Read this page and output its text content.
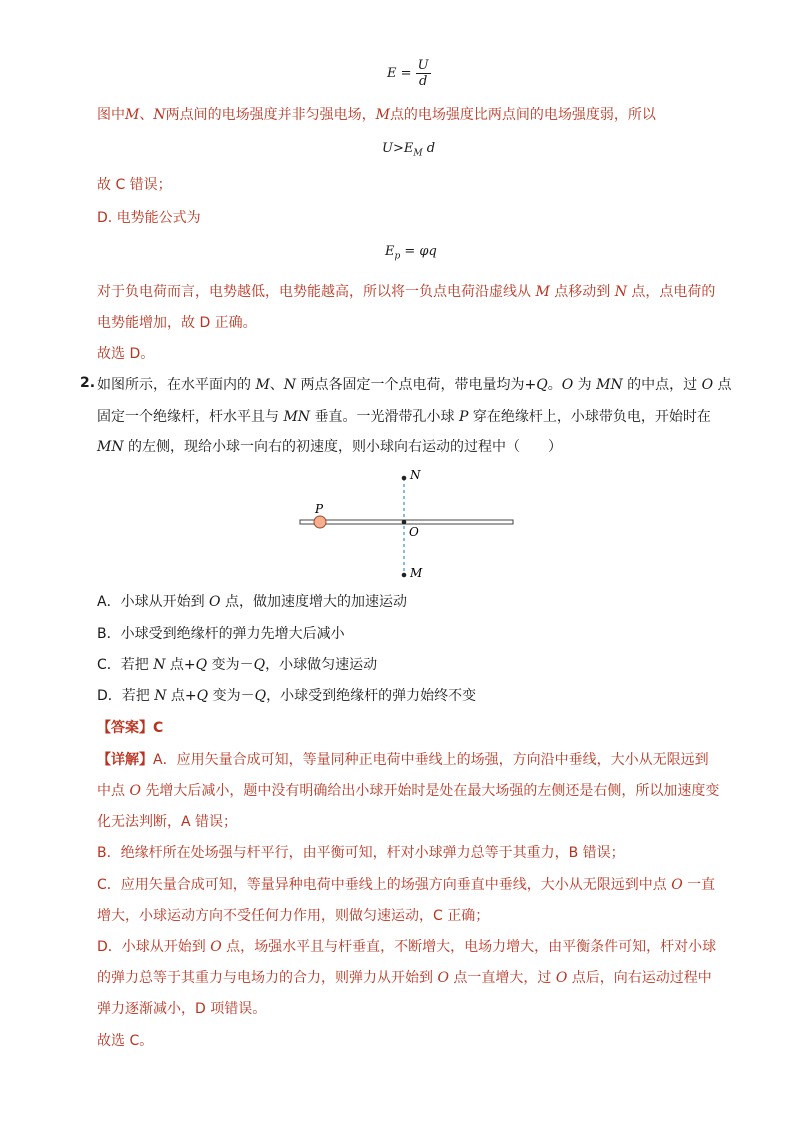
$E = \frac{U}{d}$
图中M、N两点间的电场强度并非匀强电场，M点的电场强度比两点间的电场强度弱，所以
$U>E_M$ d
故 C 错误；
D. 电势能公式为
$E_p = \varphi q$
对于负电荷而言，电势越低，电势能越高，所以将一负点电荷沿虚线从 M 点移动到 N 点，点电荷的
电势能增加，故 D 正确。
故选 D。
2. 如图所示，在水平面内的 M、N 两点各固定一个点电荷，带电量均为+Q。O 为 MN 的中点，过 O 点
固定一个绝缘杆，杆水平且与 MN 垂直。一光滑带孔小球 P 穿在绝缘杆上，小球带负电，开始时在
MN 的左侧，现给小球一向右的初速度，则小球向右运动的过程中（　　）
N
O
M
P
A．小球从开始到 O 点，做加速度增大的加速运动
B．小球受到绝缘杆的弹力先增大后减小
C．若把 N 点+Q 变为－Q，小球做匀速运动
D．若把 N 点+Q 变为－Q，小球受到绝缘杆的弹力始终不变
【答案】C
【详解】A．应用矢量合成可知，等量同种正电荷中垂线上的场强，方向沿中垂线，大小从无限远到
中点 O 先增大后减小，题中没有明确给出小球开始时是处在最大场强的左侧还是右侧，所以加速度变
化无法判断，A 错误；
B．绝缘杆所在处场强与杆平行，由平衡可知，杆对小球弹力总等于其重力，B 错误；
C．应用矢量合成可知，等量异种电荷中垂线上的场强方向垂直中垂线，大小从无限远到中点 O 一直
增大，小球运动方向不受任何力作用，则做匀速运动，C 正确；
D．小球从开始到 O 点，场强水平且与杆垂直，不断增大，电场力增大，由平衡条件可知，杆对小球
的弹力总等于其重力与电场力的合力，则弹力从开始到 O 点一直增大，过 O 点后，向右运动过程中
弹力逐渐减小，D 项错误。
故选 C。
